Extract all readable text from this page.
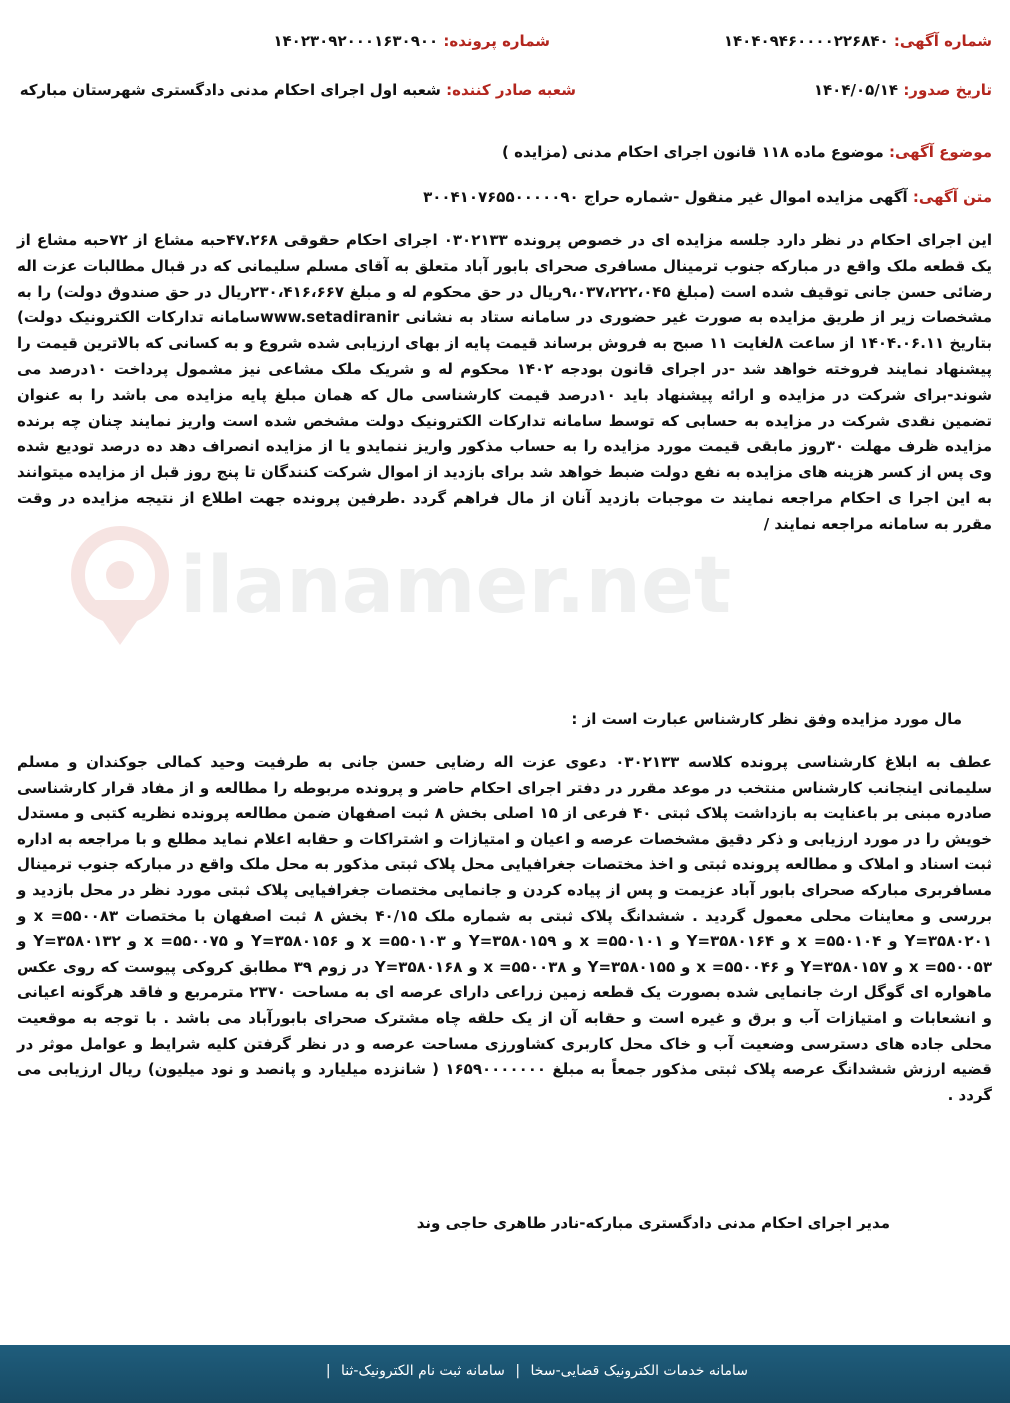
شماره آگهی: ۱۴۰۴۰۹۴۶۰۰۰۰۲۲۶۸۴۰
شماره پرونده: ۱۴۰۲۳۰۹۲۰۰۰۱۶۳۰۹۰۰
تاریخ صدور: ۱۴۰۴/۰۵/۱۴
شعبه صادر کننده: شعبه اول اجرای احکام مدنی دادگستری شهرستان مبارکه
موضوع آگهی: موضوع ماده ۱۱۸ قانون اجرای احکام مدنی (مزایده )
متن آگهی: آگهی مزایده اموال غیر منقول -شماره حراج ۳۰۰۴۱۰۷۶۵۵۰۰۰۰۰۹۰
ilanamer.net

این اجرای احکام در نظر دارد جلسه مزایده ای در خصوص پرونده ۰۳۰۲۱۳۳ اجرای احکام حقوقی ۴۷.۲۶۸حبه مشاع از ۷۲حبه مشاع از یک قطعه ملک واقع در مبارکه جنوب ترمینال مسافری صحرای بابور آباد متعلق به آقای مسلم سلیمانی که در قبال مطالبات عزت اله رضائی حسن جانی توقیف شده است (مبلغ ۹،۰۳۷،۲۲۲،۰۴۵ریال در حق محکوم له و مبلغ ۲۳۰،۴۱۶،۶۶۷ریال در حق صندوق دولت) را به مشخصات زیر از طریق مزایده به صورت غیر حضوری در سامانه ستاد به نشانی www.setadiranirسامانه تدارکات الکترونیک دولت) بتاریخ ۱۴۰۴.۰۶.۱۱ از ساعت ۸لغایت ۱۱ صبح به فروش برساند قیمت پایه از بهای ارزیابی شده شروع و به کسانی که بالاترین قیمت را پیشنهاد نمایند فروخته خواهد شد -در اجرای قانون بودجه ۱۴۰۲ محکوم له و شریک ملک مشاعی نیز مشمول پرداخت ۱۰درصد می شوند-برای شرکت در مزایده و ارائه پیشنهاد باید ۱۰درصد قیمت کارشناسی مال که همان مبلغ پایه مزایده می باشد را به عنوان تضمین نقدی شرکت در مزایده به حسابی که توسط سامانه تدارکات الکترونیک دولت مشخص شده است واریز نمایند چنان چه برنده مزایده ظرف مهلت ۳۰روز مابقی قیمت مورد مزایده را به حساب مذکور واریز ننمایدو یا از مزایده انصراف دهد ده درصد تودیع شده وی پس از کسر هزینه های مزایده به نفع دولت ضبط خواهد شد برای بازدید از اموال شرکت کنندگان تا پنج روز قبل از مزایده میتوانند به این اجرا ی احکام مراجعه نمایند ت موجبات بازدید آنان از مال فراهم گردد .طرفین پرونده جهت اطلاع از نتیجه مزایده در وقت مقرر به سامانه مراجعه نمایند /

مال مورد مزایده وفق نظر کارشناس عبارت است از :

عطف به ابلاغ کارشناسی پرونده کلاسه ۰۳۰۲۱۳۳ دعوی عزت اله رضایی حسن جانی به طرفیت وحید کمالی جوکندان و مسلم سلیمانی اینجانب کارشناس منتخب در موعد مقرر در دفتر اجرای احکام حاضر و پرونده مربوطه را مطالعه و از مفاد قرار کارشناسی صادره مبنی بر باعنایت به بازداشت پلاک ثبتی ۴۰ فرعی از ۱۵ اصلی بخش ۸ ثبت اصفهان ضمن مطالعه پرونده نظریه کتبی و مستدل خویش را در مورد ارزیابی و ذکر دقیق مشخصات عرصه و اعیان و امتیازات و اشتراکات و حقابه اعلام نماید مطلع و با مراجعه به اداره ثبت اسناد و املاک و مطالعه پرونده ثبتی و اخذ مختصات جغرافیایی محل پلاک ثبتی مذکور به محل ملک واقع در مبارکه جنوب ترمینال مسافربری مبارکه صحرای بابور آباد عزیمت و پس از پیاده کردن و جانمایی مختصات جغرافیایی پلاک ثبتی مورد نظر در محل بازدید و بررسی و معاینات محلی معمول گردید . ششدانگ پلاک ثبتی به شماره ملک ۴۰/۱۵ بخش ۸ ثبت اصفهان با مختصات ۵۵۰۰۸۳= x و ۳۵۸۰۲۰۱=Y و ۵۵۰۱۰۴= x و ۳۵۸۰۱۶۴=Y و ۵۵۰۱۰۱= x و ۳۵۸۰۱۵۹=Y و ۵۵۰۱۰۳= x و ۳۵۸۰۱۵۶=Y و ۵۵۰۰۷۵= x و ۳۵۸۰۱۳۲=Y و ۵۵۰۰۵۳= x و ۳۵۸۰۱۵۷=Y و ۵۵۰۰۴۶= x و ۳۵۸۰۱۵۵=Y و ۵۵۰۰۳۸= x و ۳۵۸۰۱۶۸=Y در زوم ۳۹ مطابق کروکی پیوست که روی عکس ماهواره ای گوگل ارث جانمایی شده بصورت یک قطعه زمین زراعی دارای عرصه ای به مساحت ۲۳۷۰ مترمربع و فاقد هرگونه اعیانی و انشعابات و امتیازات آب و برق و غیره است و حقابه آن از یک حلقه چاه مشترک صحرای بابورآباد می باشد . با توجه به موقعیت محلی جاده های دسترسی وضعیت آب و خاک محل کاربری کشاورزی مساحت عرصه و در نظر گرفتن کلیه شرایط و عوامل موثر در قضیه ارزش ششدانگ عرصه پلاک ثبتی مذکور جمعاً به مبلغ ۱۶۵۹۰۰۰۰۰۰۰ ( شانزده میلیارد و پانصد و نود میلیون) ریال ارزیابی می گردد .

مدیر اجرای احکام مدنی دادگستری مبارکه-نادر طاهری حاجی وند
سامانه خدمات الکترونیک قضایی-سخا | سامانه ثبت نام الکترونیک-ثنا |
